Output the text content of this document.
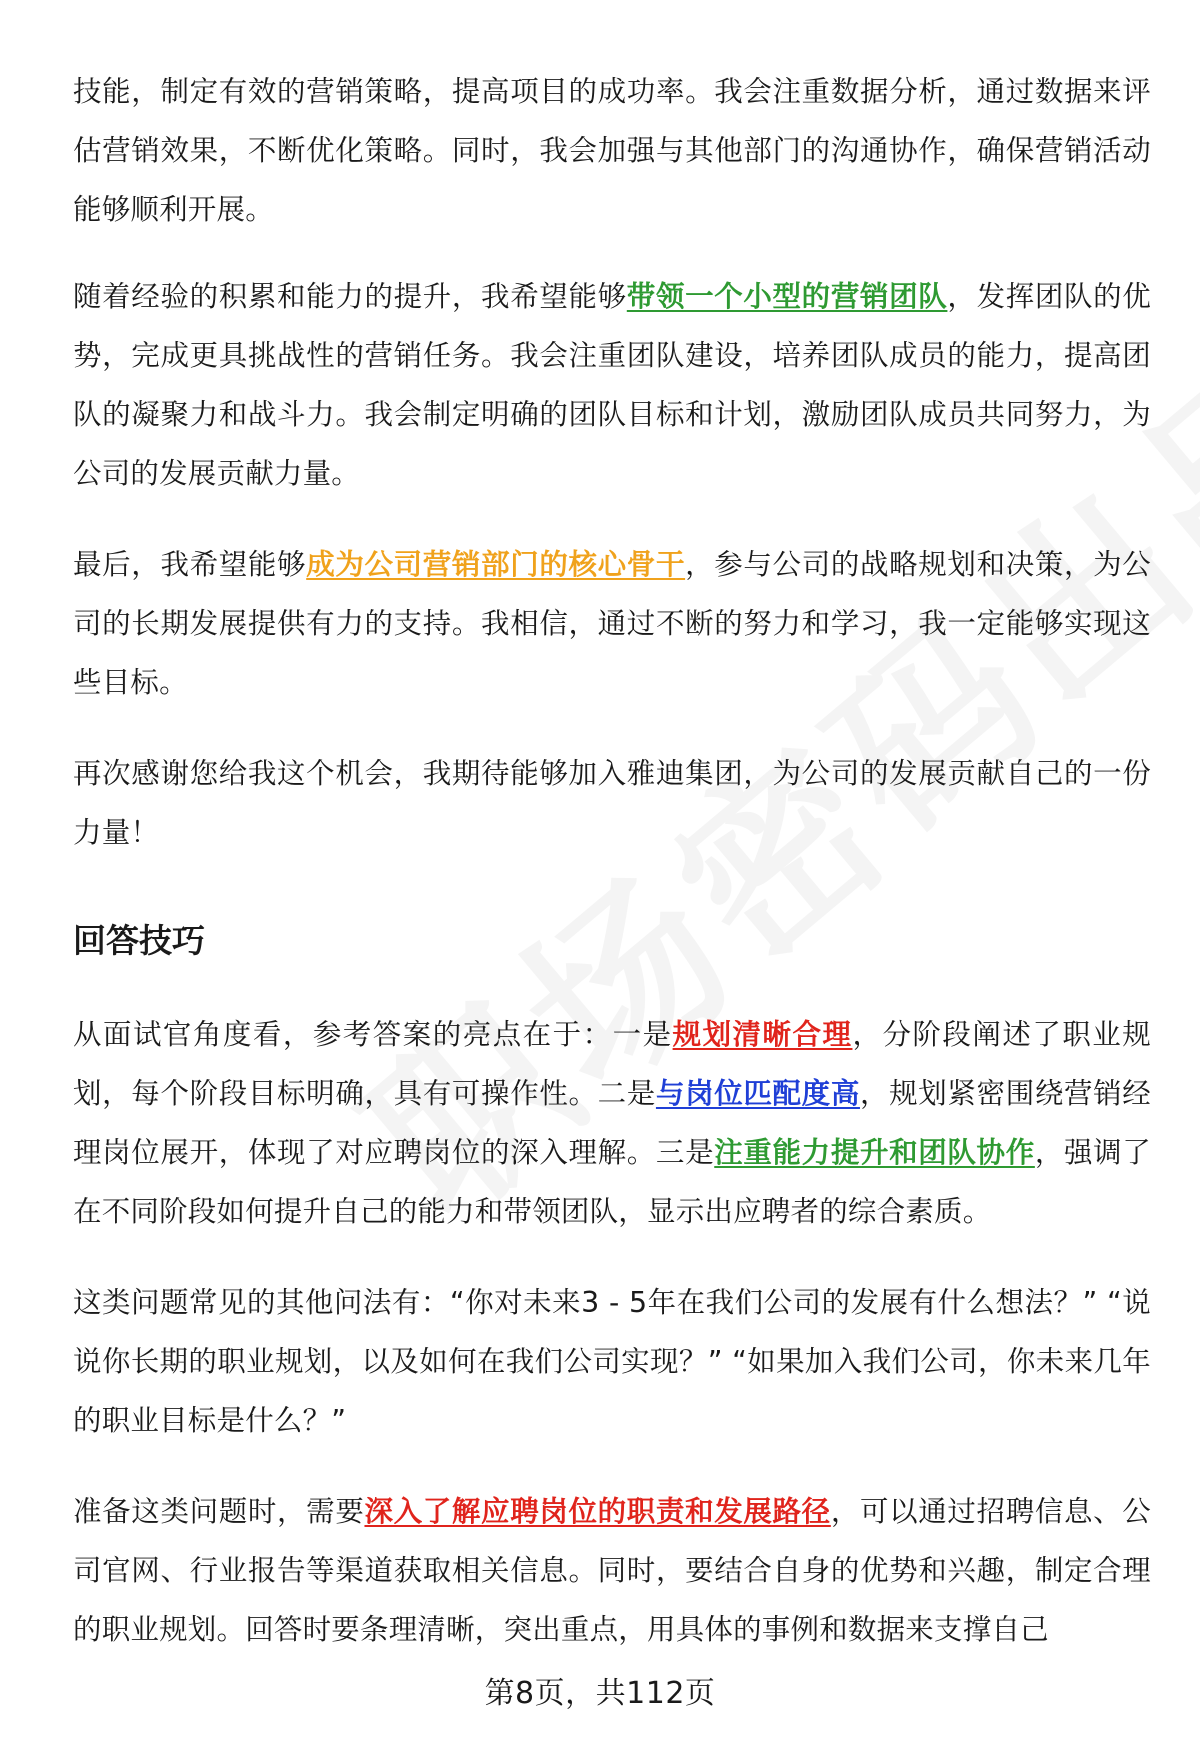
技能，制定有效的营销策略，提高项目的成功率。我会注重数据分析，通过数据来评估营销效果，不断优化策略。同时，我会加强与其他部门的沟通协作，确保营销活动能够顺利开展。

随着经验的积累和能力的提升，我希望能够带领一个小型的营销团队，发挥团队的优势，完成更具挑战性的营销任务。我会注重团队建设，培养团队成员的能力，提高团队的凝聚力和战斗力。我会制定明确的团队目标和计划，激励团队成员共同努力，为公司的发展贡献力量。

最后，我希望能够成为公司营销部门的核心骨干，参与公司的战略规划和决策，为公司的长期发展提供有力的支持。我相信，通过不断的努力和学习，我一定能够实现这些目标。

再次感谢您给我这个机会，我期待能够加入雅迪集团，为公司的发展贡献自己的一份力量！

回答技巧

从面试官角度看，参考答案的亮点在于：一是规划清晰合理，分阶段阐述了职业规划，每个阶段目标明确，具有可操作性。二是与岗位匹配度高，规划紧密围绕营销经理岗位展开，体现了对应聘岗位的深入理解。三是注重能力提升和团队协作，强调了在不同阶段如何提升自己的能力和带领团队，显示出应聘者的综合素质。

这类问题常见的其他问法有：“你对未来3 - 5年在我们公司的发展有什么想法？” “说说你长期的职业规划，以及如何在我们公司实现？” “如果加入我们公司，你未来几年的职业目标是什么？”

准备这类问题时，需要深入了解应聘岗位的职责和发展路径，可以通过招聘信息、公司官网、行业报告等渠道获取相关信息。同时，要结合自身的优势和兴趣，制定合理的职业规划。回答时要条理清晰，突出重点，用具体的事例和数据来支撑自己

第8页，共112页
